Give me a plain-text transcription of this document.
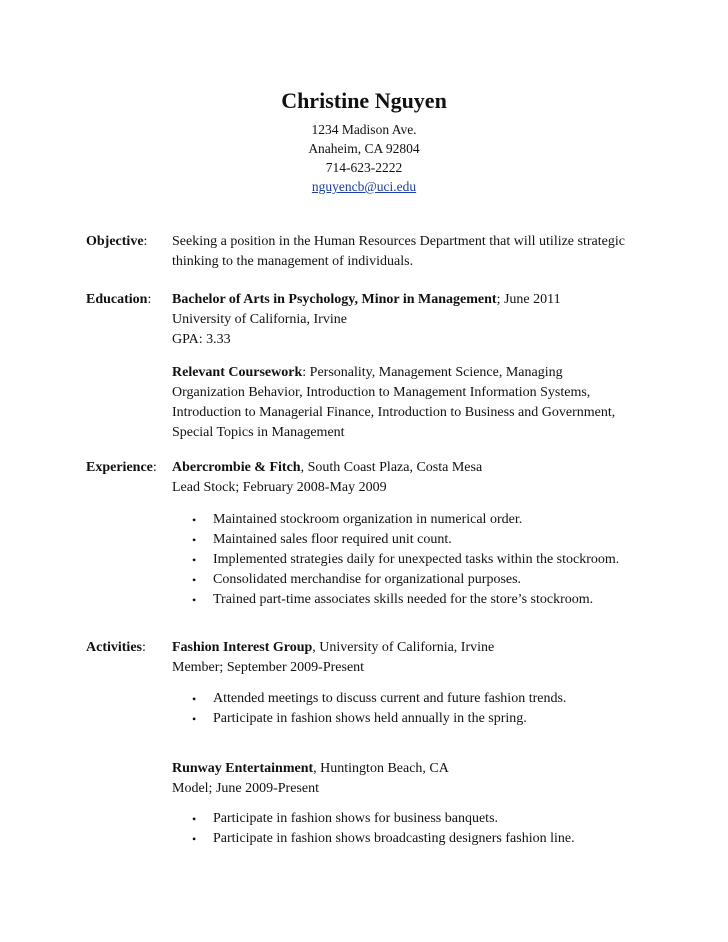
Christine Nguyen
1234 Madison Ave.
Anaheim, CA 92804
714-623-2222
nguyencb@uci.edu
Objective: Seeking a position in the Human Resources Department that will utilize strategic
thinking to the management of individuals.
Education: Bachelor of Arts in Psychology, Minor in Management; June 2011
University of California, Irvine
GPA: 3.33
Relevant Coursework: Personality, Management Science, Managing
Organization Behavior, Introduction to Management Information Systems,
Introduction to Managerial Finance, Introduction to Business and Government,
Special Topics in Management
Experience: Abercrombie & Fitch, South Coast Plaza, Costa Mesa
Lead Stock; February 2008-May 2009
• Maintained stockroom organization in numerical order.
• Maintained sales floor required unit count.
• Implemented strategies daily for unexpected tasks within the stockroom.
• Consolidated merchandise for organizational purposes.
• Trained part-time associates skills needed for the store’s stockroom.
Activities: Fashion Interest Group, University of California, Irvine
Member; September 2009-Present
• Attended meetings to discuss current and future fashion trends.
• Participate in fashion shows held annually in the spring.
Runway Entertainment, Huntington Beach, CA
Model; June 2009-Present
• Participate in fashion shows for business banquets.
• Participate in fashion shows broadcasting designers fashion line.
